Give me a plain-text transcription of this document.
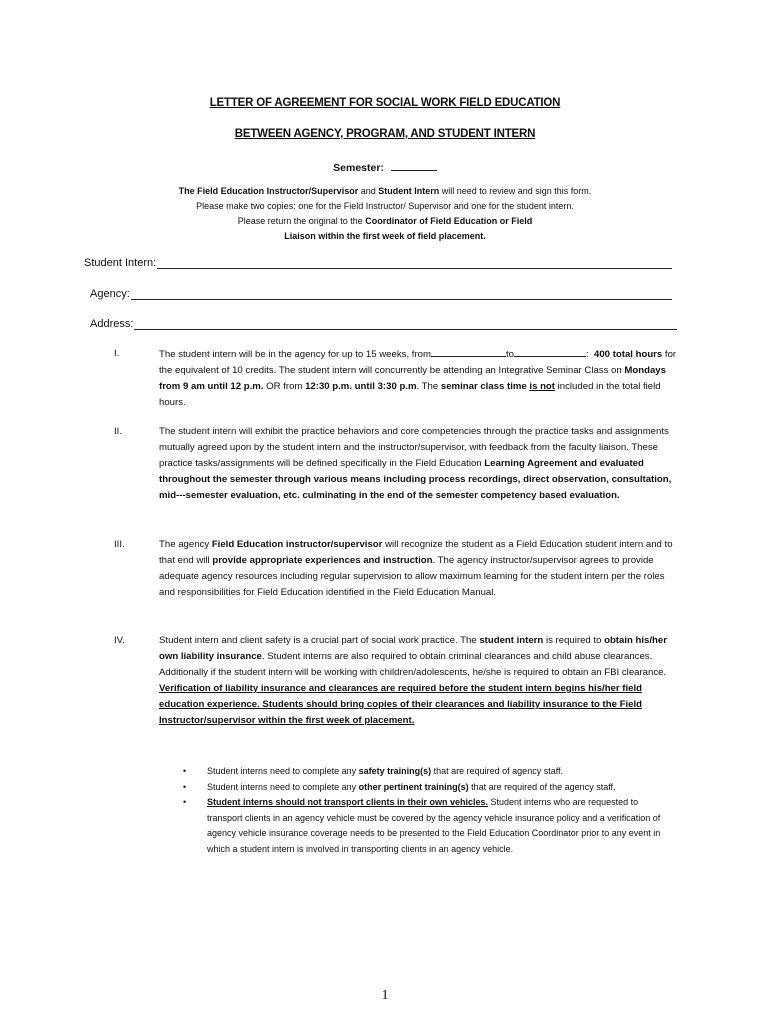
LETTER OF AGREEMENT FOR SOCIAL WORK FIELD EDUCATION
BETWEEN AGENCY, PROGRAM, AND STUDENT INTERN
Semester:
The Field Education Instructor/Supervisor and Student Intern will need to review and sign this form.
Please make two copies: one for the Field Instructor/ Supervisor and one for the student intern.
Please return the original to the Coordinator of Field Education or Field
Liaison within the first week of field placement.
Student Intern:
Agency:
Address:
I.	The student intern will be in the agency for up to 15 weeks, from	to	: 400 total hours for the equivalent of 10 credits. The student intern will concurrently be attending an Integrative Seminar Class on Mondays from 9 am until 12 p.m. OR from 12:30 p.m. until 3:30 p.m. The seminar class time is not included in the total field hours.
II.	The student intern will exhibit the practice behaviors and core competencies through the practice tasks and assignments mutually agreed upon by the student intern and the instructor/supervisor, with feedback from the faculty liaison. These practice tasks/assignments will be defined specifically in the Field Education Learning Agreement and evaluated throughout the semester through various means including process recordings, direct observation, consultation, mid---semester evaluation, etc. culminating in the end of the semester competency based evaluation.
III.	The agency Field Education instructor/supervisor will recognize the student as a Field Education student intern and to that end will provide appropriate experiences and instruction. The agency instructor/supervisor agrees to provide adequate agency resources including regular supervision to allow maximum learning for the student intern per the roles and responsibilities for Field Education identified in the Field Education Manual.
IV.	Student intern and client safety is a crucial part of social work practice. The student intern is required to obtain his/her own liability insurance. Student interns are also required to obtain criminal clearances and child abuse clearances. Additionally if the student intern will be working with children/adolescents, he/she is required to obtain an FBI clearance. Verification of liability insurance and clearances are required before the student intern begins his/her field education experience. Students should bring copies of their clearances and liability insurance to the Field Instructor/supervisor within the first week of placement.
• Student interns need to complete any safety training(s) that are required of agency staff.
• Student interns need to complete any other pertinent training(s) that are required of the agency staff.
• Student interns should not transport clients in their own vehicles. Student interns who are requested to transport clients in an agency vehicle must be covered by the agency vehicle insurance policy and a verification of agency vehicle insurance coverage needs to be presented to the Field Education Coordinator prior to any event in which a student intern is involved in transporting clients in an agency vehicle.
1
